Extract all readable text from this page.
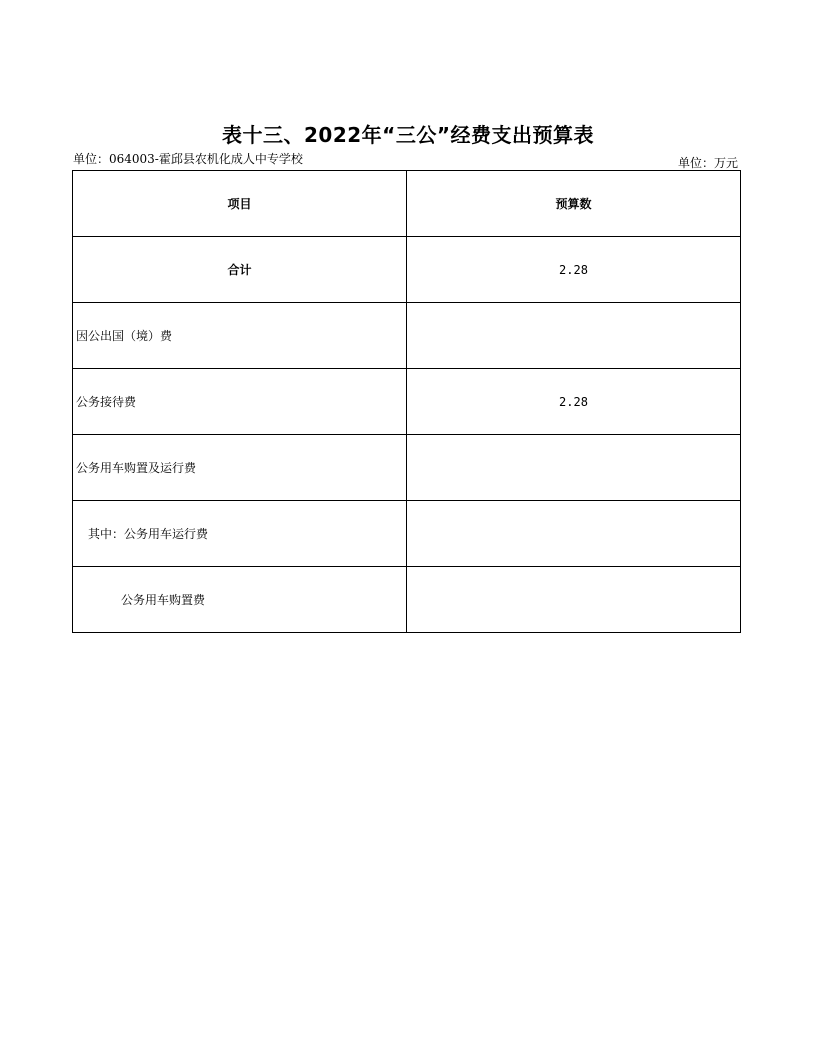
表十三、2022年“三公”经费支出预算表
单位：064003-霍邱县农机化成人中专学校	单位：万元
项目	预算数
合计	2.28
因公出国（境）费	
公务接待费	2.28
公务用车购置及运行费	
其中：公务用车运行费	
公务用车购置费	
